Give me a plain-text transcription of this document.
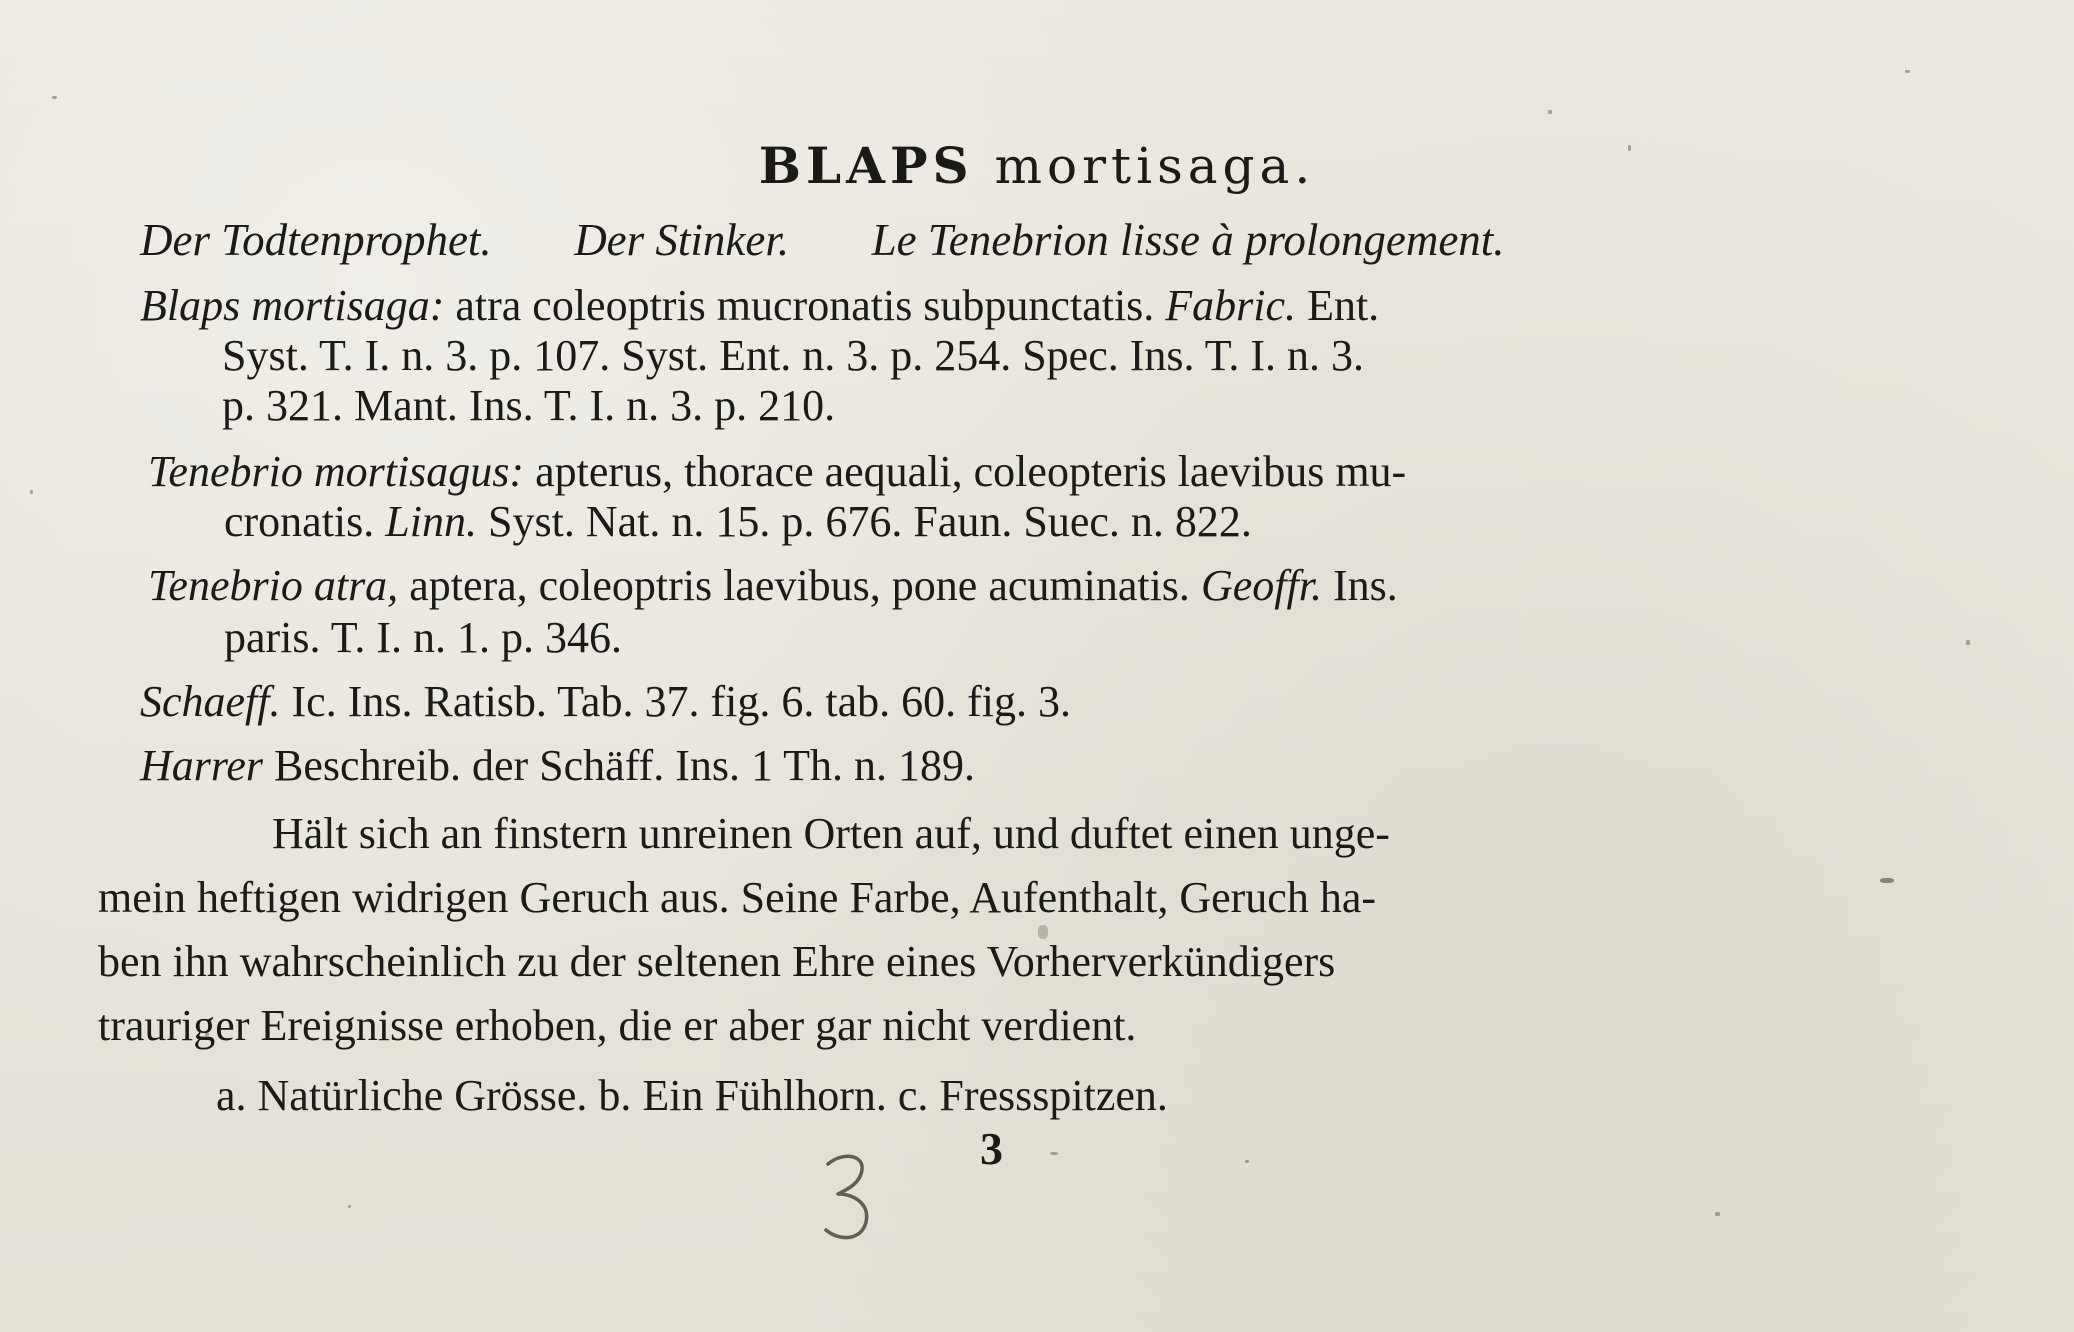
BLAPS mortisaga.
Der Todtenprophet. Der Stinker. Le Tenebrion lisse à prolongement.
Blaps mortisaga: atra coleoptris mucronatis subpunctatis. Fabric. Ent.
Syst. T. I. n. 3. p. 107. Syst. Ent. n. 3. p. 254. Spec. Ins. T. I. n. 3.
p. 321. Mant. Ins. T. I. n. 3. p. 210.
Tenebrio mortisagus: apterus, thorace aequali, coleopteris laevibus mu-
cronatis. Linn. Syst. Nat. n. 15. p. 676. Faun. Suec. n. 822.
Tenebrio atra, aptera, coleoptris laevibus, pone acuminatis. Geoffr. Ins.
paris. T. I. n. 1. p. 346.
Schaeff. Ic. Ins. Ratisb. Tab. 37. fig. 6. tab. 60. fig. 3.
Harrer Beschreib. der Schäff. Ins. 1 Th. n. 189.
Hält sich an finstern unreinen Orten auf, und duftet einen unge-
mein heftigen widrigen Geruch aus. Seine Farbe, Aufenthalt, Geruch ha-
ben ihn wahrscheinlich zu der seltenen Ehre eines Vorherverkündigers
trauriger Ereignisse erhoben, die er aber gar nicht verdient.
a. Natürliche Grösse. b. Ein Fühlhorn. c. Fressspitzen.
3
